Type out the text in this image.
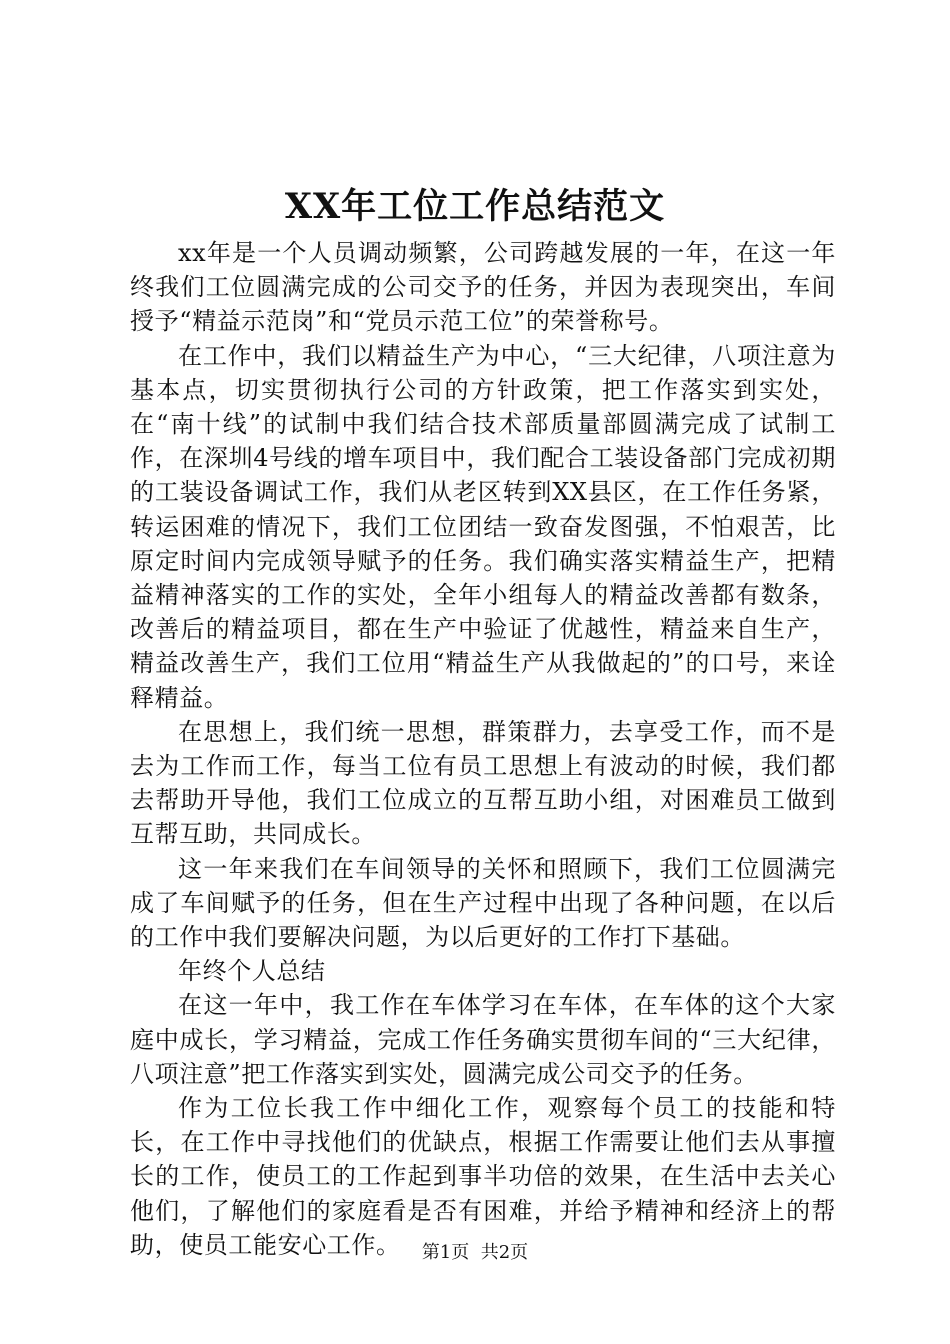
XX年工位工作总结范文

xx年是一个人员调动频繁，公司跨越发展的一年，在这一年终我们工位圆满完成的公司交予的任务，并因为表现突出，车间授予“精益示范岗”和“党员示范工位”的荣誉称号。

在工作中，我们以精益生产为中心，“三大纪律，八项注意为基本点，切实贯彻执行公司的方针政策，把工作落实到实处，在“南十线”的试制中我们结合技术部质量部圆满完成了试制工作，在深圳4号线的增车项目中，我们配合工装设备部门完成初期的工装设备调试工作，我们从老区转到XX县区，在工作任务紧，转运困难的情况下，我们工位团结一致奋发图强，不怕艰苦，比原定时间内完成领导赋予的任务。我们确实落实精益生产，把精益精神落实的工作的实处，全年小组每人的精益改善都有数条，改善后的精益项目，都在生产中验证了优越性，精益来自生产，精益改善生产，我们工位用“精益生产从我做起的”的口号，来诠释精益。

在思想上，我们统一思想，群策群力，去享受工作，而不是去为工作而工作，每当工位有员工思想上有波动的时候，我们都去帮助开导他，我们工位成立的互帮互助小组，对困难员工做到互帮互助，共同成长。

这一年来我们在车间领导的关怀和照顾下，我们工位圆满完成了车间赋予的任务，但在生产过程中出现了各种问题，在以后的工作中我们要解决问题，为以后更好的工作打下基础。

年终个人总结

在这一年中，我工作在车体学习在车体，在车体的这个大家庭中成长，学习精益，完成工作任务确实贯彻车间的“三大纪律，八项注意”把工作落实到实处，圆满完成公司交予的任务。

作为工位长我工作中细化工作，观察每个员工的技能和特长，在工作中寻找他们的优缺点，根据工作需要让他们去从事擅长的工作，使员工的工作起到事半功倍的效果，在生活中去关心他们，了解他们的家庭看是否有困难，并给予精神和经济上的帮助，使员工能安心工作。	第1页 共2页
